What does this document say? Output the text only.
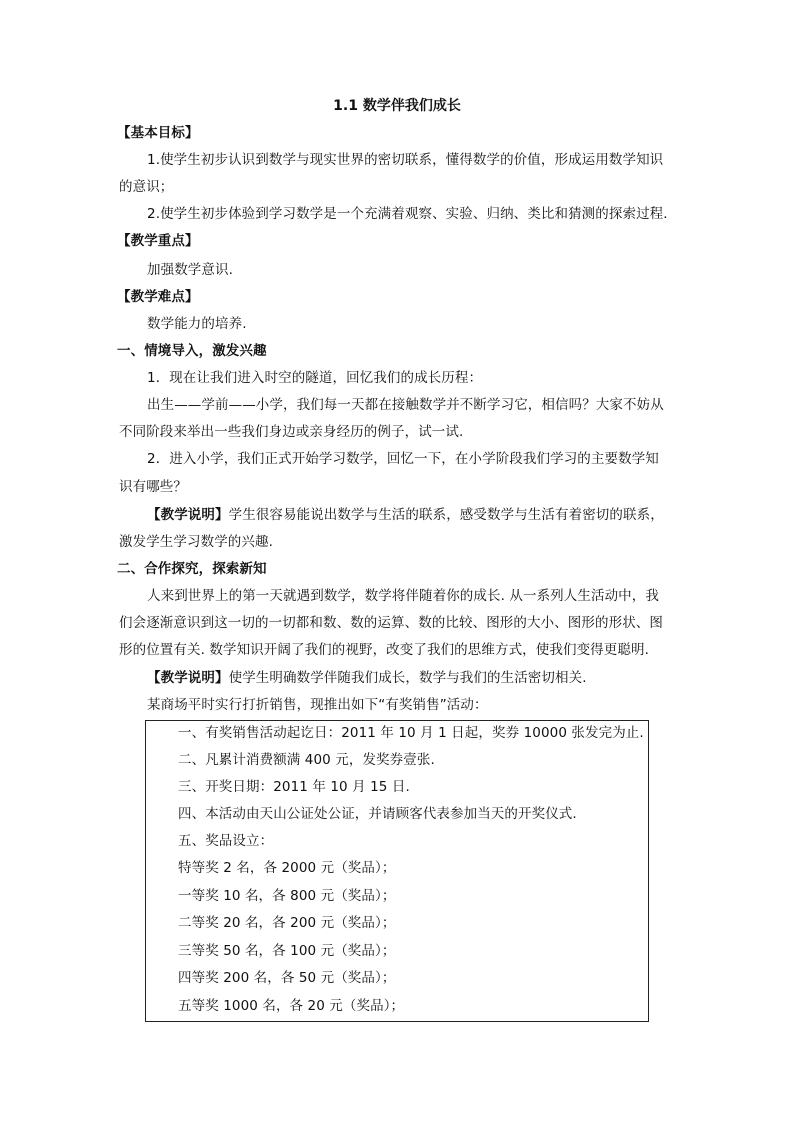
1.1 数学伴我们成长
【基本目标】
1.使学生初步认识到数学与现实世界的密切联系，懂得数学的价值，形成运用数学知识
的意识；
2.使学生初步体验到学习数学是一个充满着观察、实验、归纳、类比和猜测的探索过程.
【教学重点】
加强数学意识.
【教学难点】
数学能力的培养.
一、情境导入，激发兴趣
1．现在让我们进入时空的隧道，回忆我们的成长历程：
出生——学前——小学，我们每一天都在接触数学并不断学习它，相信吗？大家不妨从
不同阶段来举出一些我们身边或亲身经历的例子，试一试.
2．进入小学，我们正式开始学习数学，回忆一下，在小学阶段我们学习的主要数学知
识有哪些？
【教学说明】学生很容易能说出数学与生活的联系，感受数学与生活有着密切的联系，
激发学生学习数学的兴趣.
二、合作探究，探索新知
人来到世界上的第一天就遇到数学，数学将伴随着你的成长. 从一系列人生活动中，我
们会逐渐意识到这一切的一切都和数、数的运算、数的比较、图形的大小、图形的形状、图
形的位置有关. 数学知识开阔了我们的视野，改变了我们的思维方式，使我们变得更聪明.
【教学说明】使学生明确数学伴随我们成长，数学与我们的生活密切相关.
某商场平时实行打折销售，现推出如下“有奖销售”活动：
一、有奖销售活动起讫日：2011 年 10 月 1 日起，奖券 10000 张发完为止.
二、凡累计消费额满 400 元，发奖券壹张.
三、开奖日期：2011 年 10 月 15 日.
四、本活动由天山公证处公证，并请顾客代表参加当天的开奖仪式.
五、奖品设立：
特等奖 2 名，各 2000 元（奖品）；
一等奖 10 名，各 800 元（奖品）；
二等奖 20 名，各 200 元（奖品）；
三等奖 50 名，各 100 元（奖品）；
四等奖 200 名，各 50 元（奖品）；
五等奖 1000 名，各 20 元（奖品）；
